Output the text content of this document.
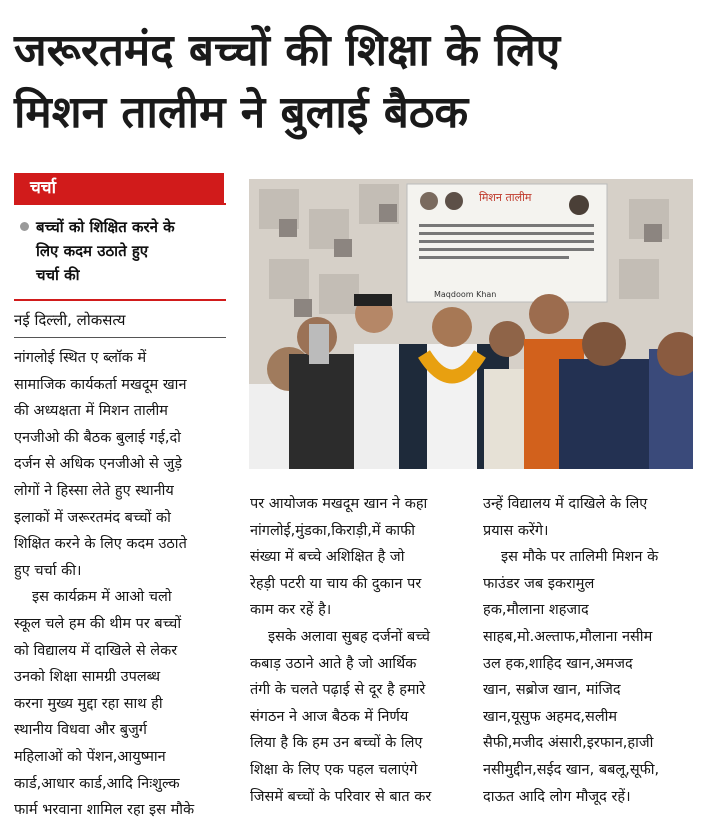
जरूरतमंद बच्चों की शिक्षा के लिए
मिशन तालीम ने बुलाई बैठक
चर्चा

बच्चों को शिक्षित करने के

लिए कदम उठाते हुए

चर्चा की

नई दिल्ली, लोकसत्य
मिशन तालीम
Maqdoom Khan

नांगलोई स्थित ए ब्लॉक में

सामाजिक कार्यकर्ता मखदूम खान

की अध्यक्षता में मिशन तालीम

एनजीओ की बैठक बुलाई गई,दो

दर्जन से अधिक एनजीओ से जुड़े

लोगों ने हिस्सा लेते हुए स्थानीय

इलाकों में जरूरतमंद बच्चों को

शिक्षित करने के लिए कदम उठाते

हुए चर्चा की।

इस कार्यक्रम में आओ चलो

स्कूल चले हम की थीम पर बच्चों

को विद्यालय में दाखिले से लेकर

उनको शिक्षा सामग्री उपलब्ध

करना मुख्य मुद्दा रहा साथ ही

स्थानीय विधवा और बुजुर्ग

महिलाओं को पेंशन,आयुष्मान

कार्ड,आधार कार्ड,आदि निःशुल्क

फार्म भरवाना शामिल रहा इस मौके

पर आयोजक मखदूम खान ने कहा

नांगलोई,मुंडका,किराड़ी,में काफी

संख्या में बच्चे अशिक्षित है जो

रेहड़ी पटरी या चाय की दुकान पर

काम कर रहें है।

इसके अलावा सुबह दर्जनों बच्चे

कबाड़ उठाने आते है जो आर्थिक

तंगी के चलते पढ़ाई से दूर है हमारे

संगठन ने आज बैठक में निर्णय

लिया है कि हम उन बच्चों के लिए

शिक्षा के लिए एक पहल चलाएंगे

जिसमें बच्चों के परिवार से बात कर

उन्हें विद्यालय में दाखिले के लिए

प्रयास करेंगे।

इस मौके पर तालिमी मिशन के

फाउंडर जब इकरामुल

हक,मौलाना शहजाद

साहब,मो.अल्ताफ,मौलाना नसीम

उल हक,शाहिद खान,अमजद

खान, सब्रोज खान, मांजिद

खान,यूसुफ अहमद,सलीम

सैफी,मजीद अंसारी,इरफान,हाजी

नसीमुद्दीन,सईद खान, बबलू,सूफी,

दाऊत आदि लोग मौजूद रहें।
